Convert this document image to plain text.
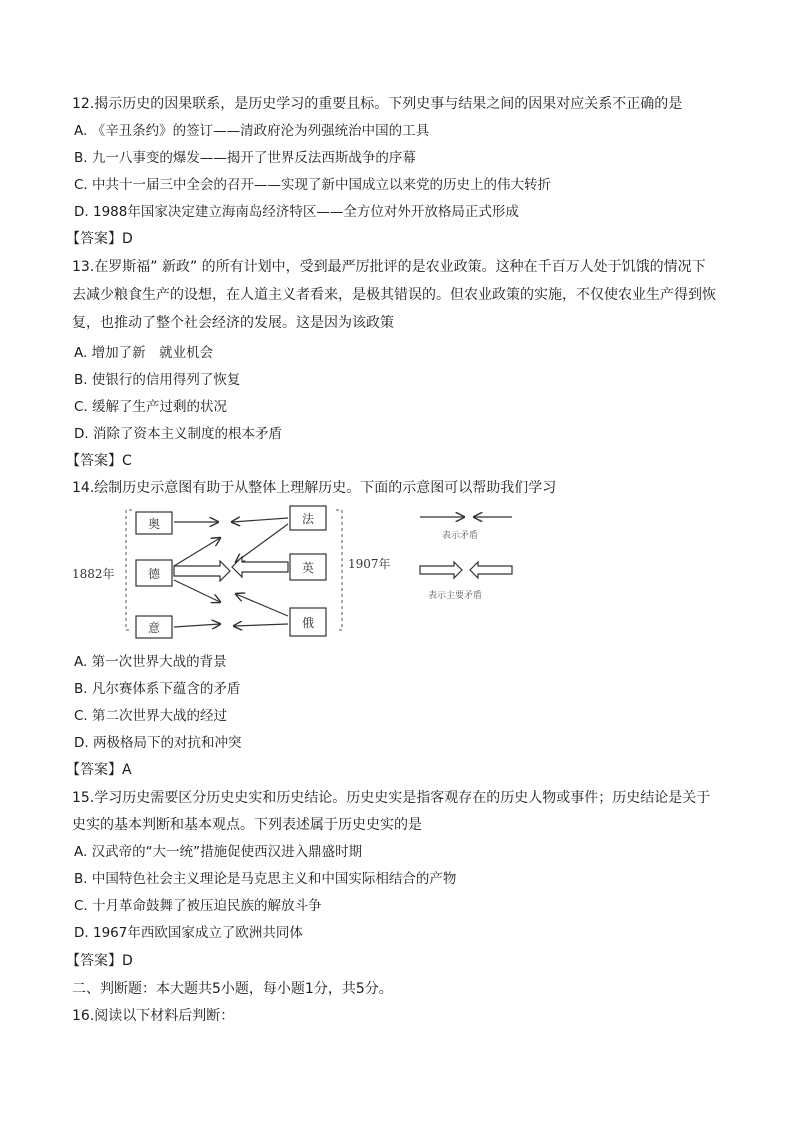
12.揭示历史的因果联系，是历史学习的重要且标。下列史事与结果之间的因果对应关系不正确的是
A. 《辛丑条约》的签订——清政府沦为列强统治中国的工具
B. 九一八事变的爆发——揭开了世界反法西斯战争的序幕
C. 中共十一届三中全会的召开——实现了新中国成立以来党的历史上的伟大转折
D. 1988年国家决定建立海南岛经济特区——全方位对外开放格局正式形成
【答案】D
13.在罗斯福” 新政” 的所有计划中，受到最严厉批评的是农业政策。这种在千百万人处于饥饿的情况下
去减少粮食生产的设想，在人道主义者看来，是极其错误的。但农业政策的实施，不仅使农业生产得到恢
复，也推动了整个社会经济的发展。这是因为该政策
A. 增加了新　就业机会
B. 使银行的信用得列了恢复
C. 缓解了生产过剩的状况
D. 消除了资本主义制度的根本矛盾
【答案】C
14.绘制历史示意图有助于从整体上理解历史。下面的示意图可以帮助我们学习
1882年
1907年
奥
德
意
法
英
俄
表示矛盾
表示主要矛盾
A. 第一次世界大战的背景
B. 凡尔赛体系下蕴含的矛盾
C. 第二次世界大战的经过
D. 两极格局下的对抗和冲突
【答案】A
15.学习历史需要区分历史史实和历史结论。历史史实是指客观存在的历史人物或事件；历史结论是关于
史实的基本判断和基本观点。下列表述属于历史史实的是
A. 汉武帝的“大一统”措施促使西汉进入鼎盛时期
B. 中国特色社会主义理论是马克思主义和中国实际相结合的产物
C. 十月革命鼓舞了被压迫民族的解放斗争
D. 1967年西欧国家成立了欧洲共同体
【答案】D
二、判断题：本大题共5小题，每小题1分，共5分。
16.阅读以下材料后判断：
